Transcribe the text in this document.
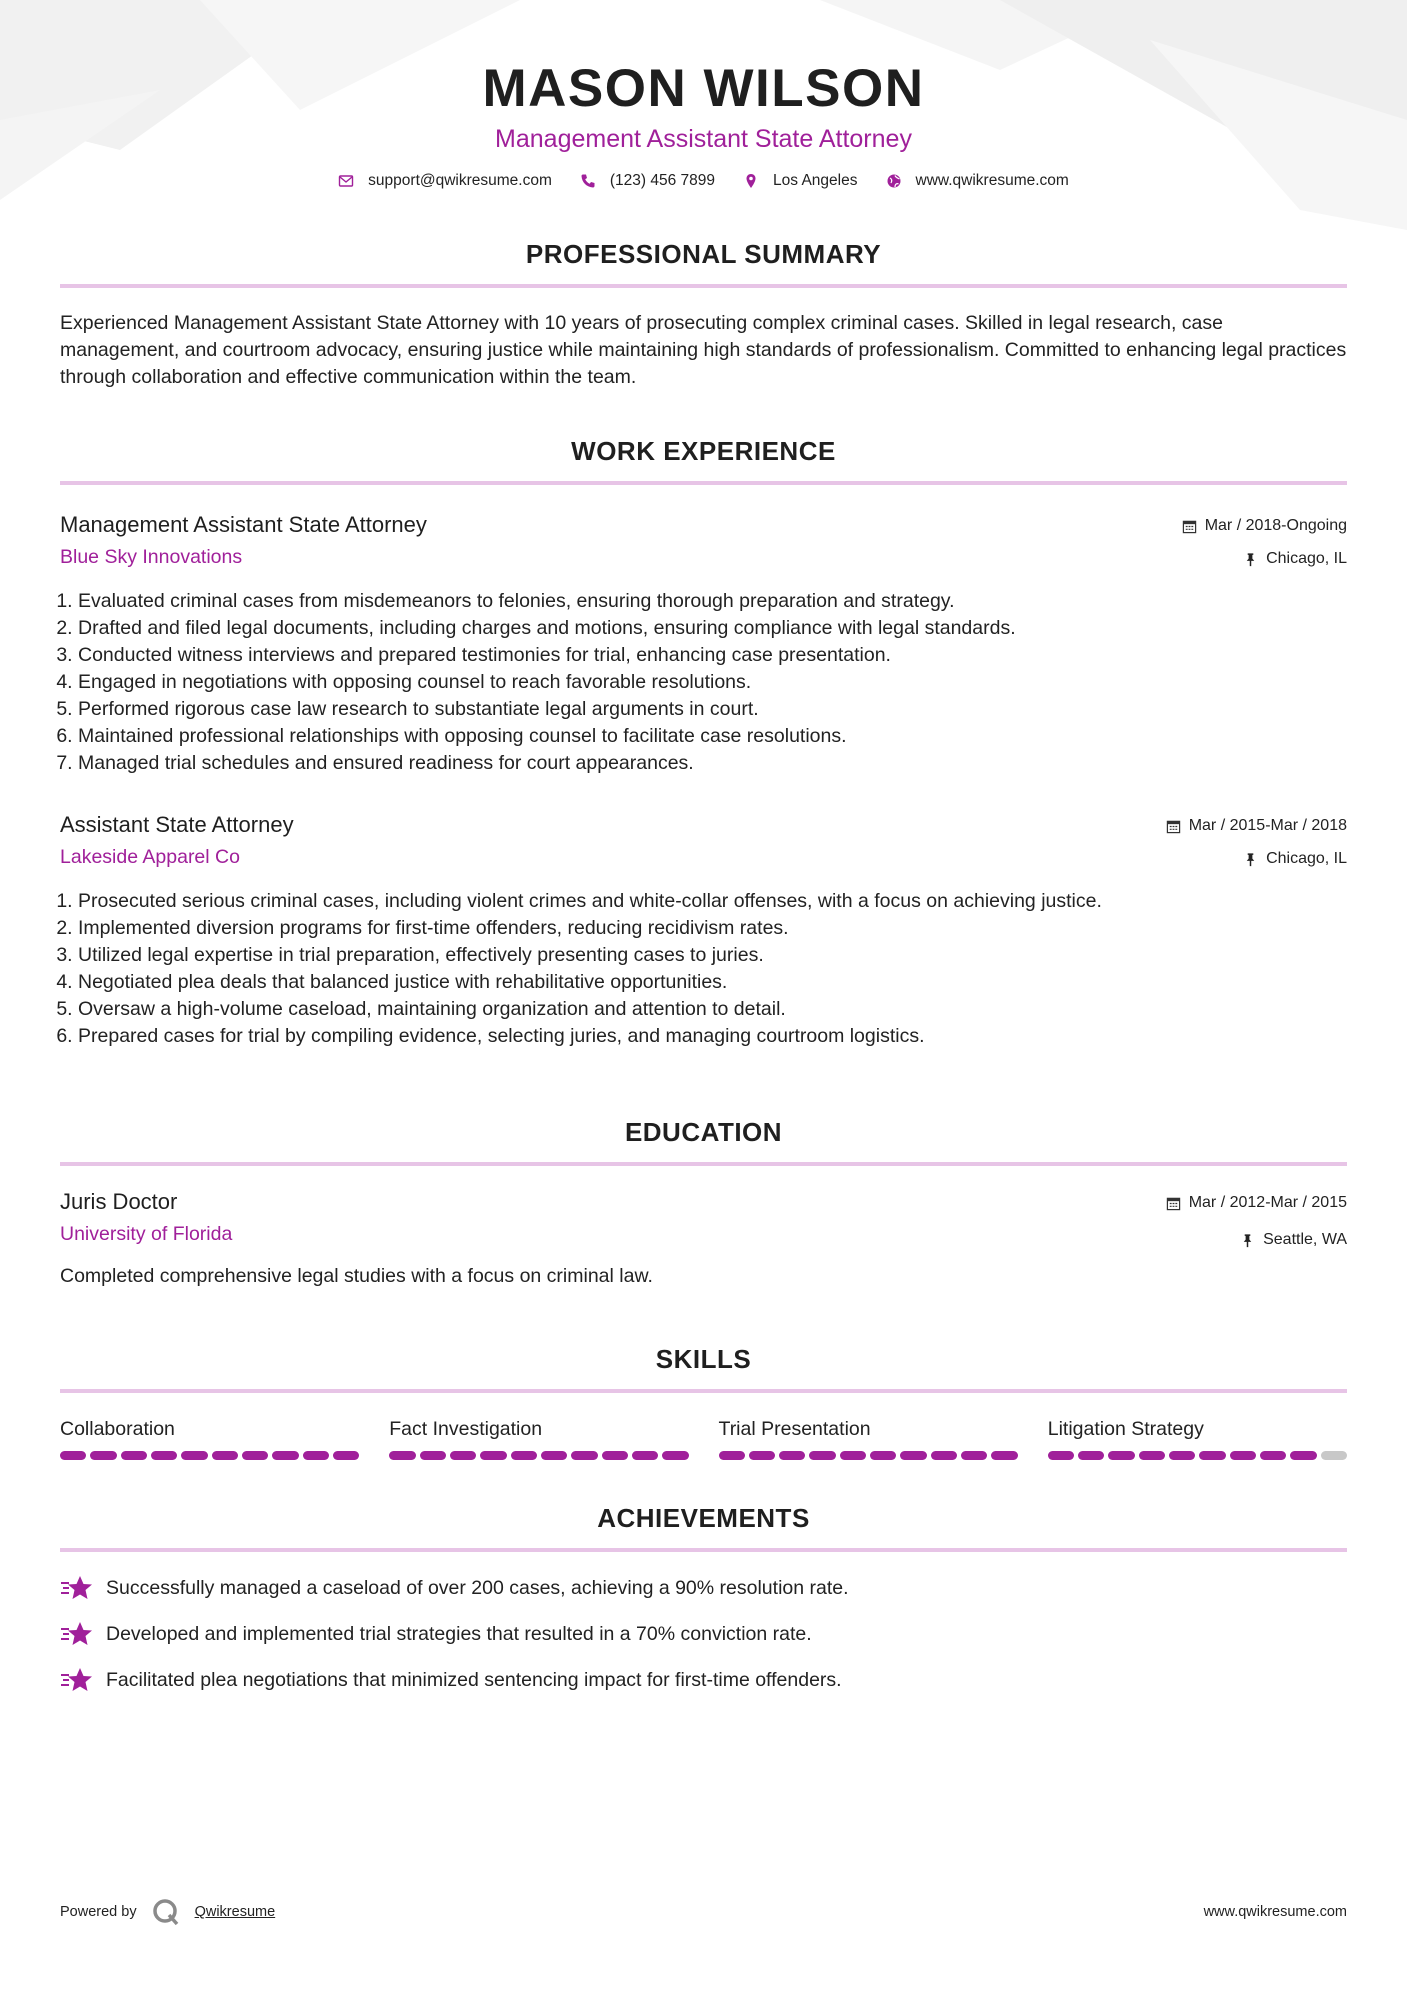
MASON WILSON
Management Assistant State Attorney
support@qwikresume.com	(123) 456 7899	Los Angeles	www.qwikresume.com
PROFESSIONAL SUMMARY

Experienced Management Assistant State Attorney with 10 years of prosecuting complex criminal cases. Skilled in legal research, case management, and courtroom advocacy, ensuring justice while maintaining high standards of professionalism. Committed to enhancing legal practices through collaboration and effective communication within the team.

WORK EXPERIENCE
Management Assistant State Attorney
Blue Sky Innovations
Mar / 2018-Ongoing
Chicago, IL
1. Evaluated criminal cases from misdemeanors to felonies, ensuring thorough preparation and strategy.
2. Drafted and filed legal documents, including charges and motions, ensuring compliance with legal standards.
3. Conducted witness interviews and prepared testimonies for trial, enhancing case presentation.
4. Engaged in negotiations with opposing counsel to reach favorable resolutions.
5. Performed rigorous case law research to substantiate legal arguments in court.
6. Maintained professional relationships with opposing counsel to facilitate case resolutions.
7. Managed trial schedules and ensured readiness for court appearances.
Assistant State Attorney
Lakeside Apparel Co
Mar / 2015-Mar / 2018
Chicago, IL
1. Prosecuted serious criminal cases, including violent crimes and white-collar offenses, with a focus on achieving justice.
2. Implemented diversion programs for first-time offenders, reducing recidivism rates.
3. Utilized legal expertise in trial preparation, effectively presenting cases to juries.
4. Negotiated plea deals that balanced justice with rehabilitative opportunities.
5. Oversaw a high-volume caseload, maintaining organization and attention to detail.
6. Prepared cases for trial by compiling evidence, selecting juries, and managing courtroom logistics.
EDUCATION
Juris Doctor
University of Florida
Mar / 2012-Mar / 2015
Seattle, WA

Completed comprehensive legal studies with a focus on criminal law.

SKILLS
Collaboration	Fact Investigation	Trial Presentation	Litigation Strategy
ACHIEVEMENTS
Successfully managed a caseload of over 200 cases, achieving a 90% resolution rate.
Developed and implemented trial strategies that resulted in a 70% conviction rate.
Facilitated plea negotiations that minimized sentencing impact for first-time offenders.
Powered by	Qwikresume	www.qwikresume.com
